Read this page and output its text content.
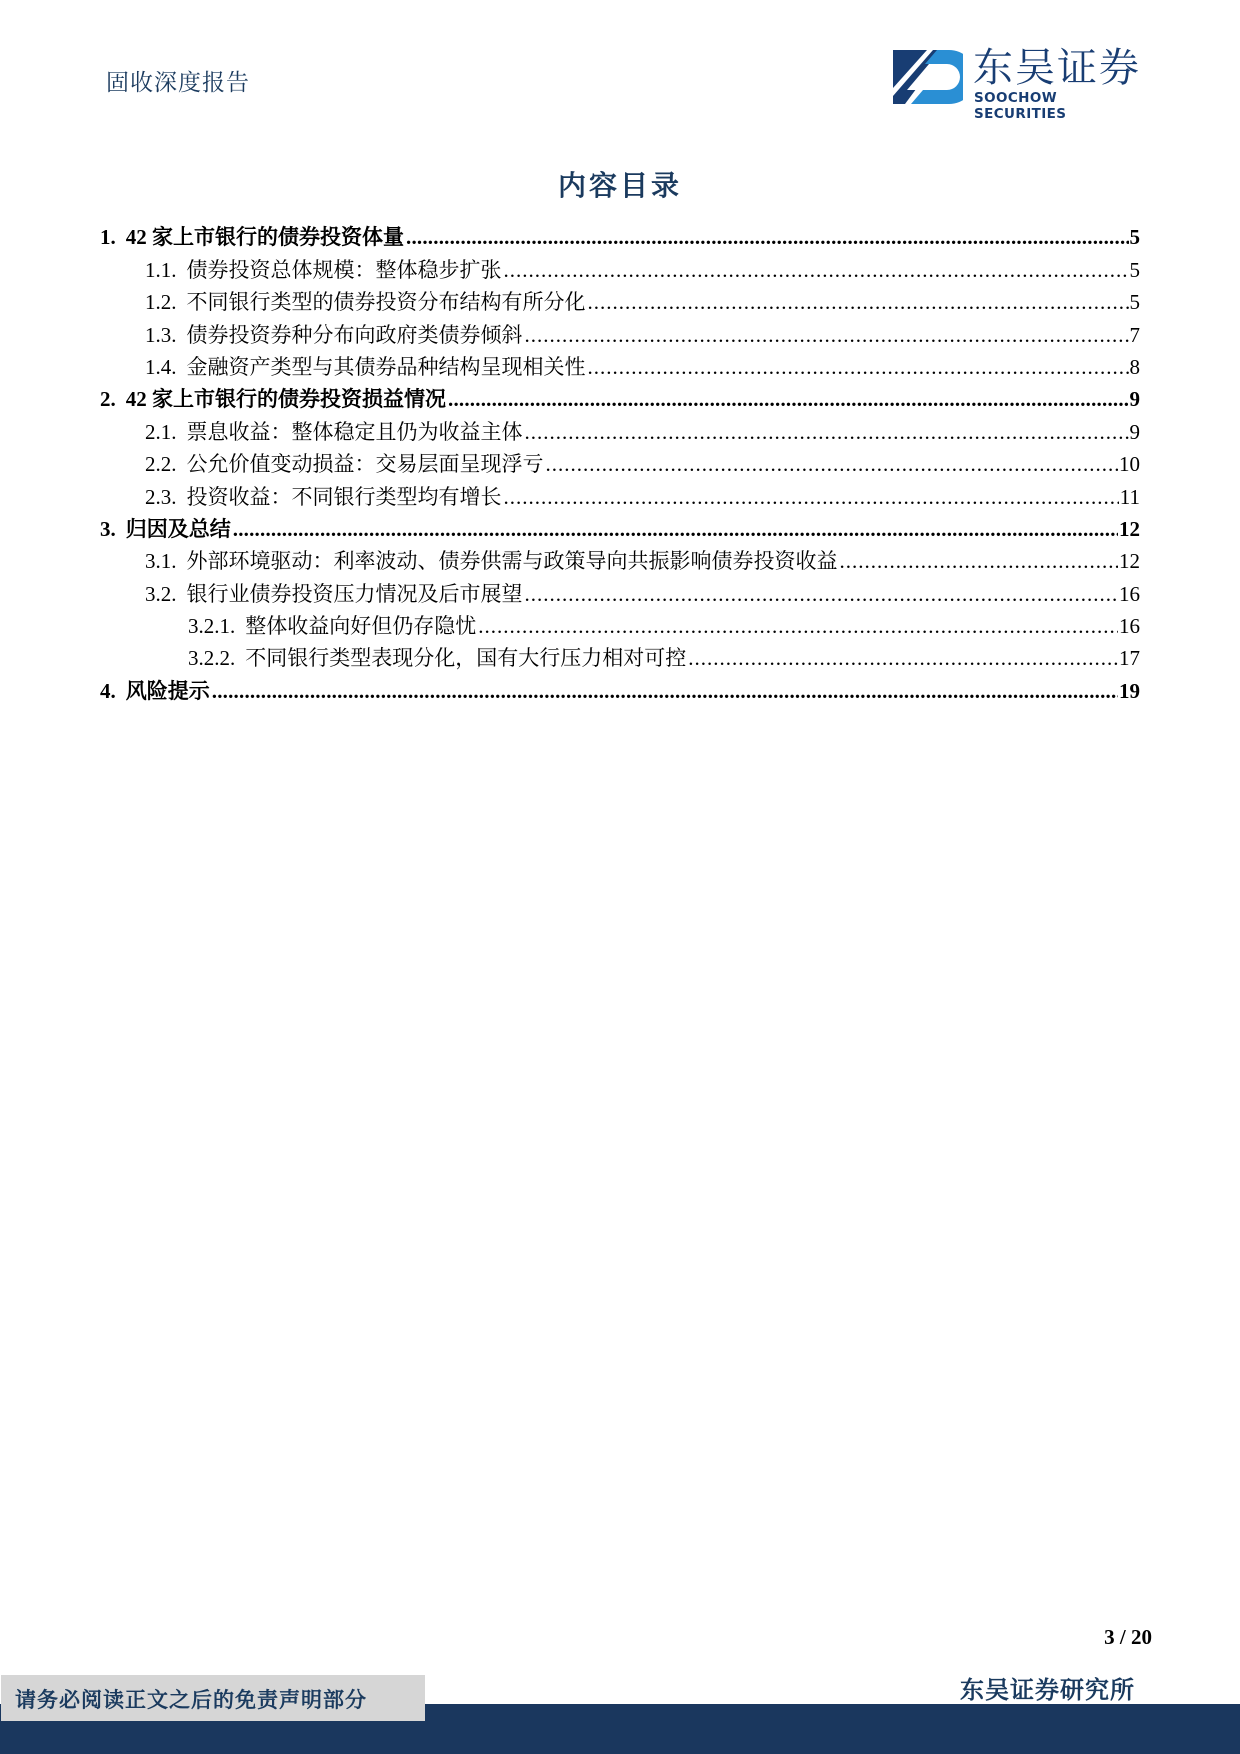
固收深度报告	东吴证券
SOOCHOW SECURITIES
内容目录
1. 42 家上市银行的债券投资体量 .....	5
1.1. 债券投资总体规模：整体稳步扩张 .....	5
1.2. 不同银行类型的债券投资分布结构有所分化 .....	5
1.3. 债券投资券种分布向政府类债券倾斜 .....	7
1.4. 金融资产类型与其债券品种结构呈现相关性 .....	8
2. 42 家上市银行的债券投资损益情况 .....	9
2.1. 票息收益：整体稳定且仍为收益主体 .....	9
2.2. 公允价值变动损益：交易层面呈现浮亏 .....	10
2.3. 投资收益：不同银行类型均有增长 .....	11
3. 归因及总结 .....	12
3.1. 外部环境驱动：利率波动、债券供需与政策导向共振影响债券投资收益 .....	12
3.2. 银行业债券投资压力情况及后市展望 .....	16
3.2.1. 整体收益向好但仍存隐忧 .....	16
3.2.2. 不同银行类型表现分化，国有大行压力相对可控 .....	17
4. 风险提示 .....	19
3 / 20
东吴证券研究所
请务必阅读正文之后的免责声明部分
